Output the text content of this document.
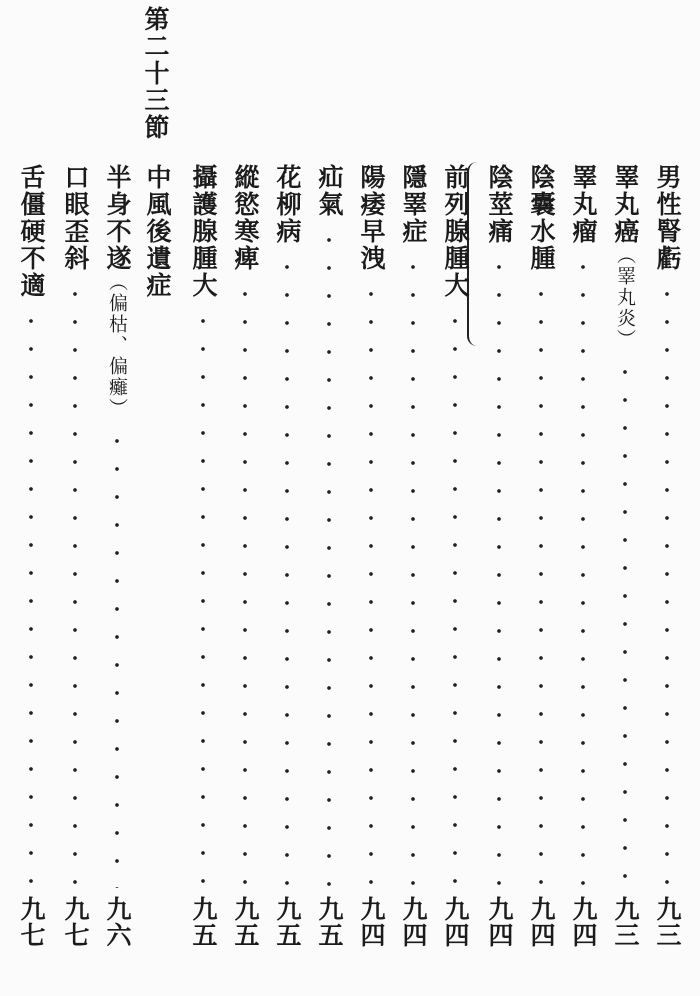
第二十三節
男性腎虧
九三
睪丸癌（睪丸炎）
九三
睪丸瘤
九四
陰囊水腫
九四
陰莖痛
九四
前列腺腫大
九四
隱睪症
九四
陽痿早洩
九四
疝氣
九五
花柳病
九五
縱慾寒痺
九五
攝護腺腫大
九五
中風後遺症
半身不遂（偏枯、偏癱）
九六
口眼歪斜
九七
舌僵硬不適
九七
